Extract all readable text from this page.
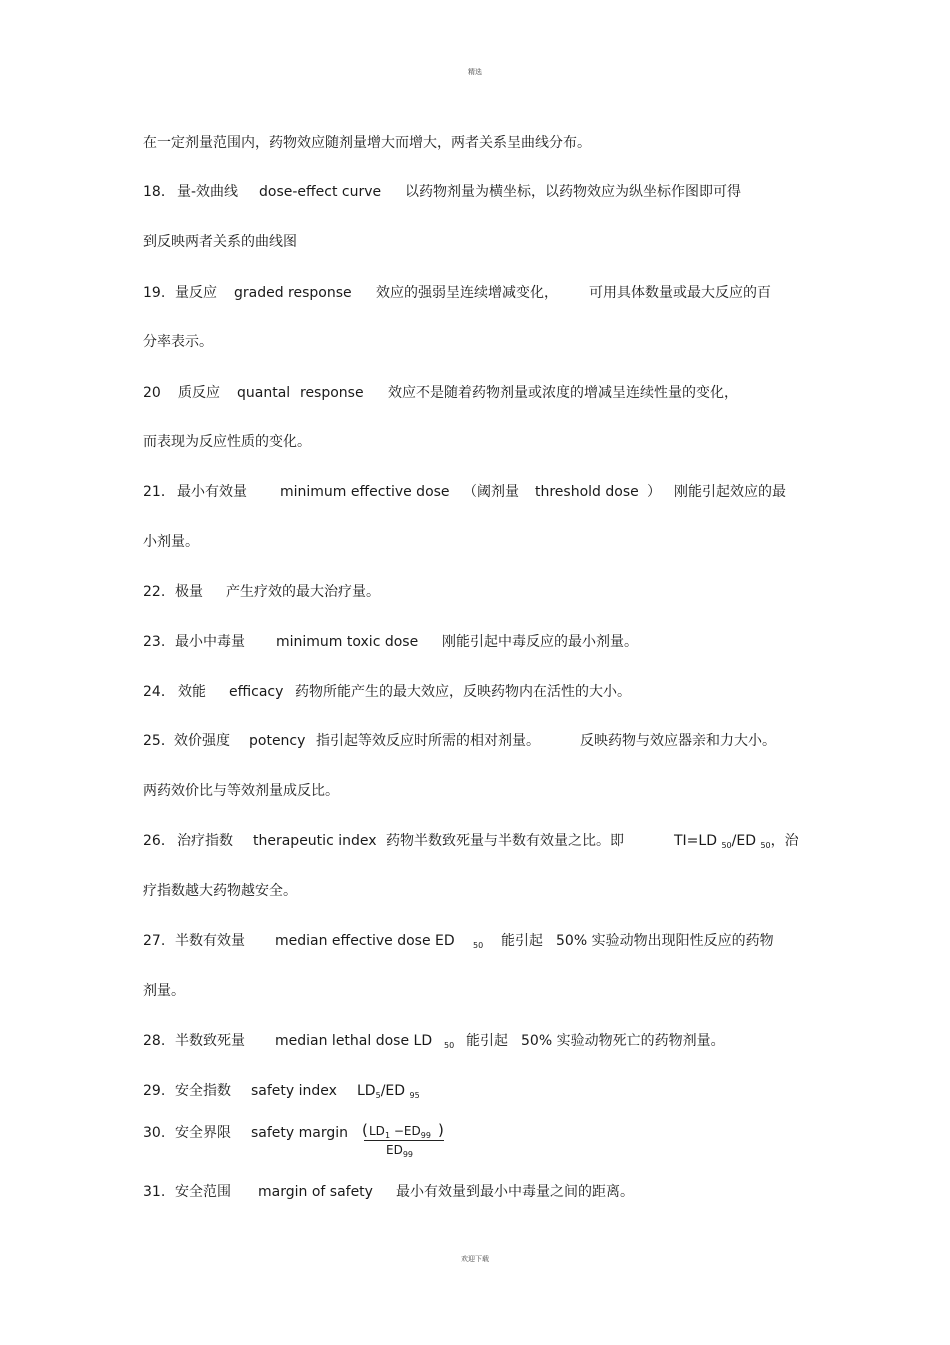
精选
在一定剂量范围内，药物效应随剂量增大而增大，两者关系呈曲线分布。
18． 量-效曲线 dose-effect curve 以药物剂量为横坐标，以药物效应为纵坐标作图即可得
到反映两者关系的曲线图
19. 量反应 graded response 效应的强弱呈连续增减变化， 可用具体数量或最大反应的百
分率表示。
20 质反应 quantal response 效应不是随着药物剂量或浓度的增减呈连续性量的变化，
而表现为反应性质的变化。
21． 最小有效量 minimum effective dose （阈剂量 threshold dose ） 刚能引起效应的最
小剂量。
22. 极量 产生疗效的最大治疗量。
23. 最小中毒量 minimum toxic dose 刚能引起中毒反应的最小剂量。
24． 效能 efficacy 药物所能产生的最大效应，反映药物内在活性的大小。
25． 效价强度 potency 指引起等效反应时所需的相对剂量。	反映药物与效应器亲和力大小。
两药效价比与等效剂量成反比。
26． 治疗指数 therapeutic index 药物半数致死量与半数有效量之比。即	TI=LD $_{50}$/ED $_{50}$，治
疗指数越大药物越安全。
27. 半数有效量 median effective dose ED $_{50}$ 能引起 50% 实验动物出现阳性反应的药物
剂量。
28. 半数致死量 median lethal dose LD $_{50}$ 能引起 50% 实验动物死亡的药物剂量。
29. 安全指数 safety index $LD_5/ED$ $_{95}$
30. 安全界限 safety margin ( $LD_1 -ED_{99}$ )
$ED_{99}$
31. 安全范围 margin of safety 最小有效量到最小中毒量之间的距离。
欢迎下载
